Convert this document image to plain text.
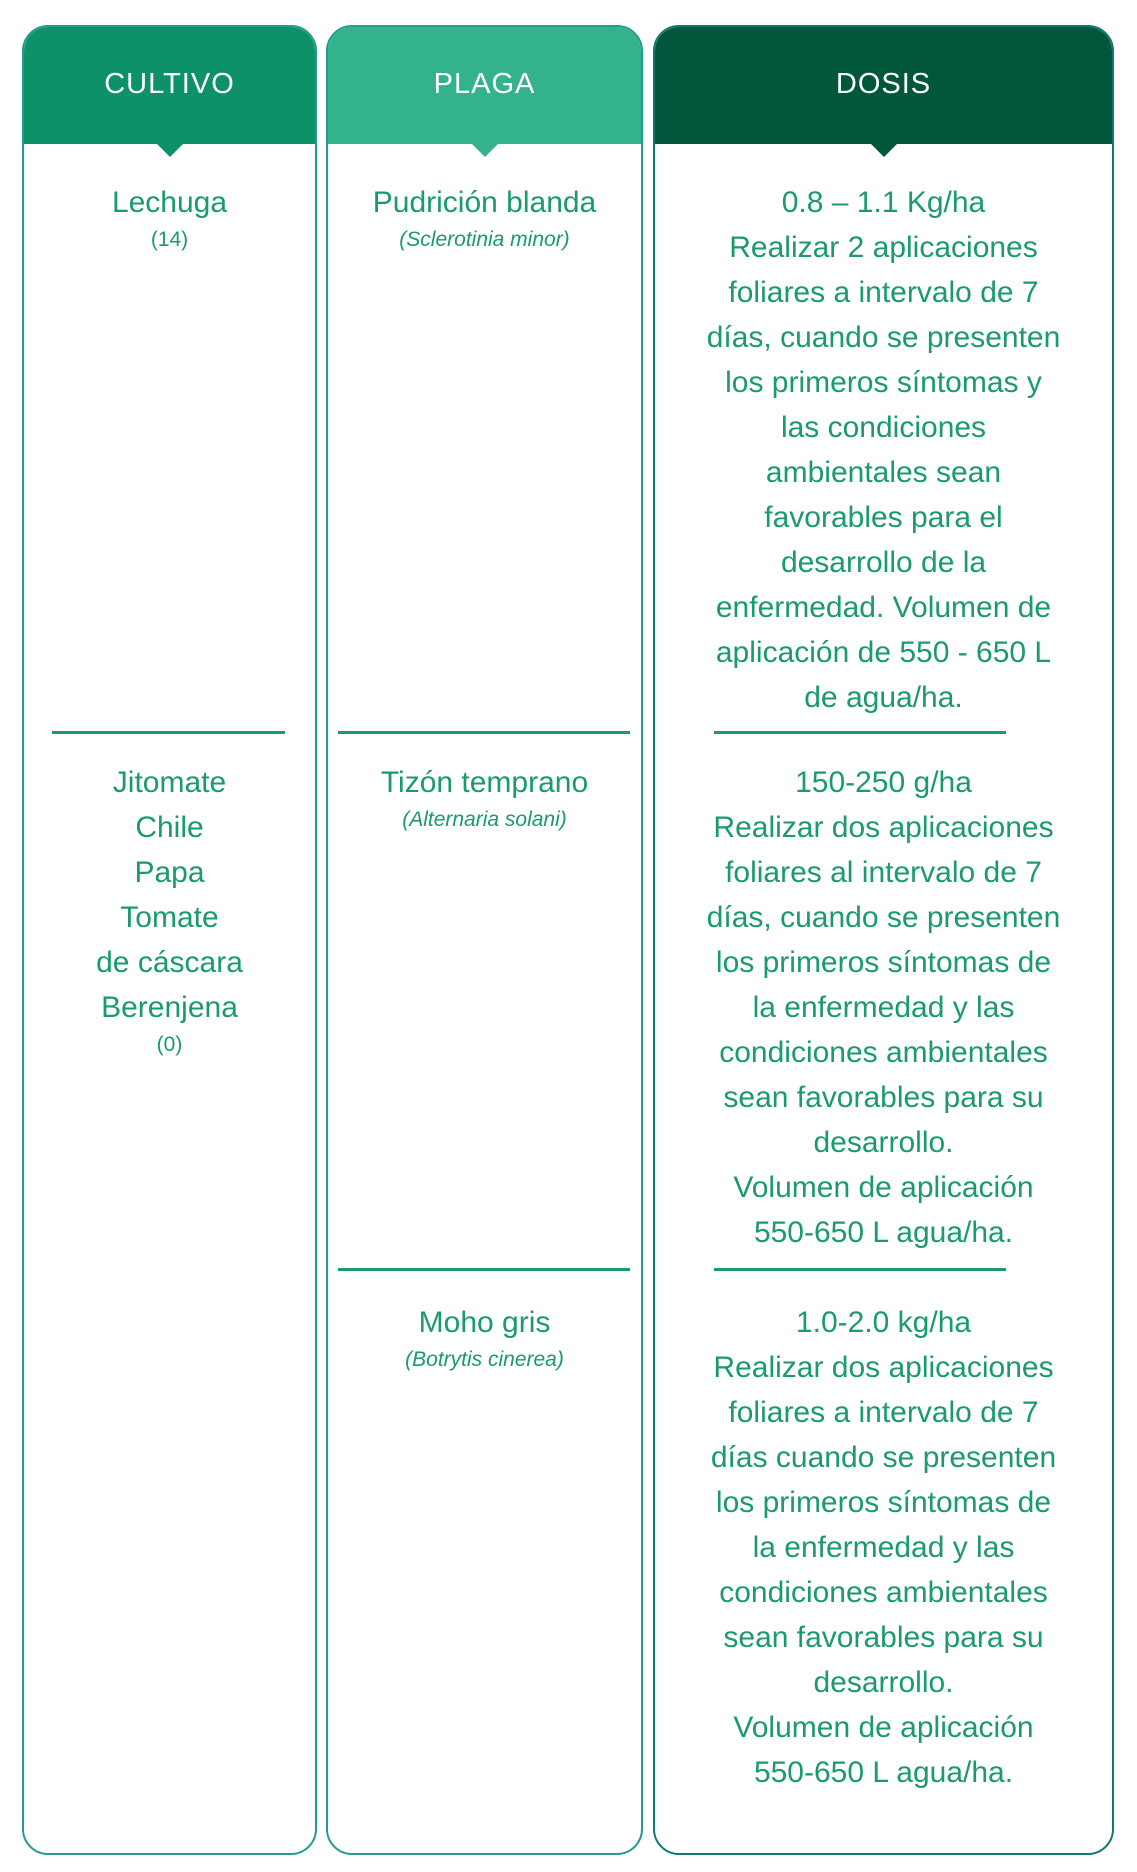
CULTIVO
Lechuga
(14)
Jitomate
Chile
Papa
Tomate
de cáscara
Berenjena
(0)
PLAGA
Pudrición blanda
(Sclerotinia minor)
Tizón temprano
(Alternaria solani)
Moho gris
(Botrytis cinerea)
DOSIS
0.8 – 1.1 Kg/ha
Realizar 2 aplicaciones
foliares a intervalo de 7
días, cuando se presenten
los primeros síntomas y
las condiciones
ambientales sean
favorables para el
desarrollo de la
enfermedad. Volumen de
aplicación de 550 - 650 L
de agua/ha.
150-250 g/ha
Realizar dos aplicaciones
foliares al intervalo de 7
días, cuando se presenten
los primeros síntomas de
la enfermedad y las
condiciones ambientales
sean favorables para su
desarrollo.
Volumen de aplicación
550-650 L agua/ha.
1.0-2.0 kg/ha
Realizar dos aplicaciones
foliares a intervalo de 7
días cuando se presenten
los primeros síntomas de
la enfermedad y las
condiciones ambientales
sean favorables para su
desarrollo.
Volumen de aplicación
550-650 L agua/ha.
